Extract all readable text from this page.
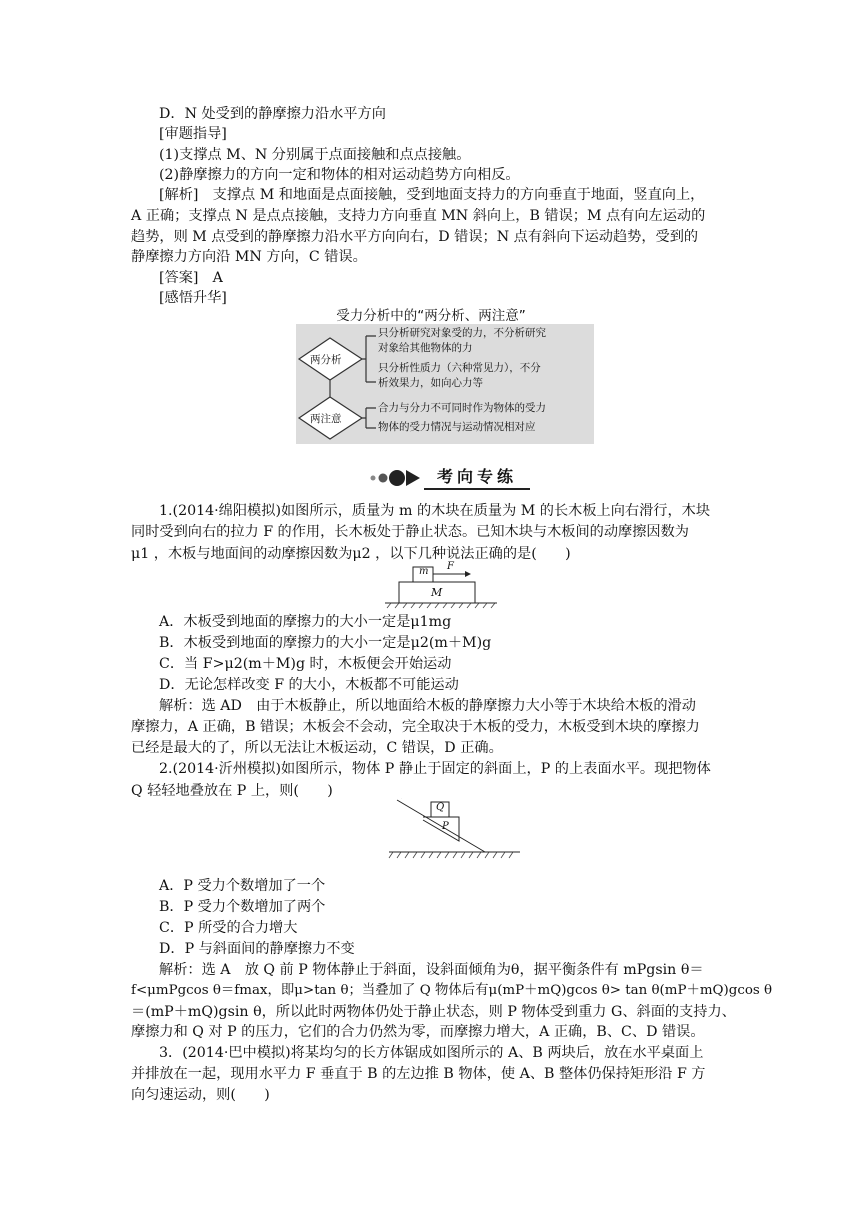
D．N 处受到的静摩擦力沿水平方向
[审题指导]
(1)支撑点 M、N 分别属于点面接触和点点接触。
(2)静摩擦力的方向一定和物体的相对运动趋势方向相反。
[解析]　支撑点 M 和地面是点面接触，受到地面支持力的方向垂直于地面，竖直向上，
A 正确；支撑点 N 是点点接触，支持力方向垂直 MN 斜向上，B 错误；M 点有向左运动的
趋势，则 M 点受到的静摩擦力沿水平方向向右，D 错误；N 点有斜向下运动趋势，受到的
静摩擦力方向沿 MN 方向，C 错误。
[答案]　A
[感悟升华]
受力分析中的“两分析、两注意”
两分析
两注意
只分析研究对象受的力，不分析研究
对象给其他物体的力
只分析性质力（六种常见力），不分
析效果力，如向心力等
合力与分力不可同时作为物体的受力
物体的受力情况与运动情况相对应
考向专练
1.(2014·绵阳模拟)如图所示，质量为 m 的木块在质量为 M 的长木板上向右滑行，木块
同时受到向右的拉力 F 的作用，长木板处于静止状态。已知木块与木板间的动摩擦因数为
μ1 ，木板与地面间的动摩擦因数为μ2 ，以下几种说法正确的是(　　)
m
M
F
A．木板受到地面的摩擦力的大小一定是μ1mg
B．木板受到地面的摩擦力的大小一定是μ2(m＋M)g
C．当 F>μ2(m＋M)g 时，木板便会开始运动
D．无论怎样改变 F 的大小，木板都不可能运动
解析：选 AD　由于木板静止，所以地面给木板的静摩擦力大小等于木块给木板的滑动
摩擦力，A 正确，B 错误；木板会不会动，完全取决于木板的受力，木板受到木块的摩擦力
已经是最大的了，所以无法让木板运动，C 错误，D 正确。
2.(2014·沂州模拟)如图所示，物体 P 静止于固定的斜面上，P 的上表面水平。现把物体
Q 轻轻地叠放在 P 上，则(　　)
Q
P
A．P 受力个数增加了一个
B．P 受力个数增加了两个
C．P 所受的合力增大
D．P 与斜面间的静摩擦力不变
解析：选 A　放 Q 前 P 物体静止于斜面，设斜面倾角为θ，据平衡条件有 mPgsin θ＝
f<μmPgcos θ＝fmax，即μ>tan θ；当叠加了 Q 物体后有μ(mP＋mQ)gcos θ> tan θ(mP＋mQ)gcos θ
＝(mP＋mQ)gsin θ，所以此时两物体仍处于静止状态，则 P 物体受到重力 G、斜面的支持力、
摩擦力和 Q 对 P 的压力，它们的合力仍然为零，而摩擦力增大，A 正确，B、C、D 错误。
3．(2014·巴中模拟)将某均匀的长方体锯成如图所示的 A、B 两块后，放在水平桌面上
并排放在一起，现用水平力 F 垂直于 B 的左边推 B 物体，使 A、B 整体仍保持矩形沿 F 方
向匀速运动，则(　　)
